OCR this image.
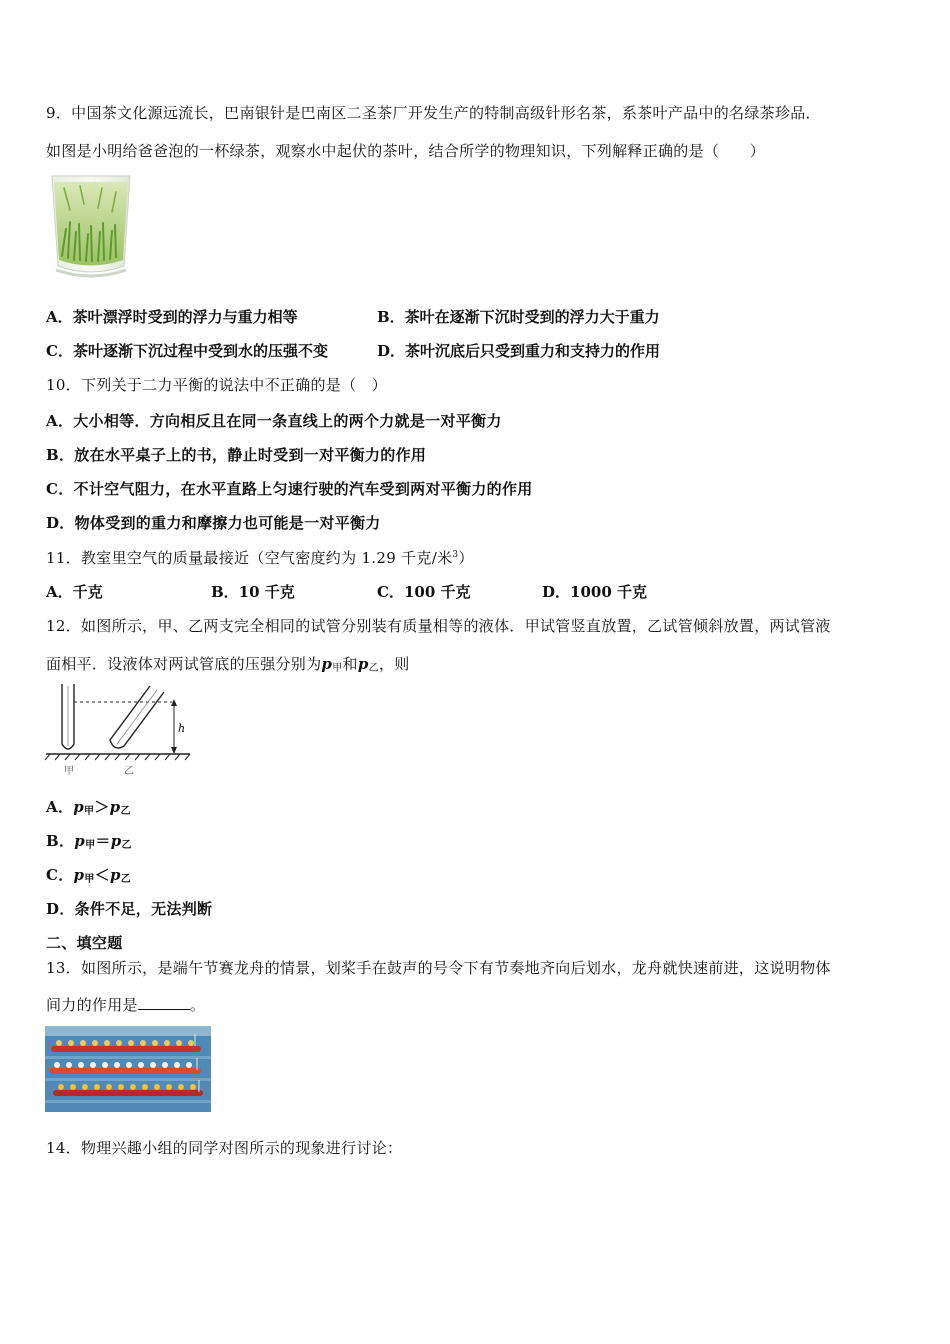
9．中国茶文化源远流长，巴南银针是巴南区二圣茶厂开发生产的特制高级针形名茶，系茶叶产品中的名绿茶珍品．
如图是小明给爸爸泡的一杯绿茶，观察水中起伏的茶叶，结合所学的物理知识，下列解释正确的是（　　）
A．茶叶漂浮时受到的浮力与重力相等	B．茶叶在逐渐下沉时受到的浮力大于重力
C．茶叶逐渐下沉过程中受到水的压强不变	D．茶叶沉底后只受到重力和支持力的作用
10．下列关于二力平衡的说法中不正确的是（　）
A．大小相等．方向相反且在同一条直线上的两个力就是一对平衡力
B．放在水平桌子上的书，静止时受到一对平衡力的作用
C．不计空气阻力，在水平直路上匀速行驶的汽车受到两对平衡力的作用
D．物体受到的重力和摩擦力也可能是一对平衡力
11．教室里空气的质量最接近（空气密度约为 1.29 千克/米$^3$）
A．千克	B．10 千克	C．100 千克	D．1000 千克
12．如图所示，甲、乙两支完全相同的试管分别装有质量相等的液体．甲试管竖直放置，乙试管倾斜放置，两试管液
面相平．设液体对两试管底的压强分别为$p_甲$和$p_乙$，则
h
甲	乙
A．$p_甲>p_乙$
B．$p_甲=p_乙$
C．$p_甲<p_乙$
D．条件不足，无法判断
二、填空题
13．如图所示，是端午节赛龙舟的情景，划桨手在鼓声的号令下有节奏地齐向后划水，龙舟就快速前进，这说明物体
间力的作用是	。
14．物理兴趣小组的同学对图所示的现象进行讨论：
